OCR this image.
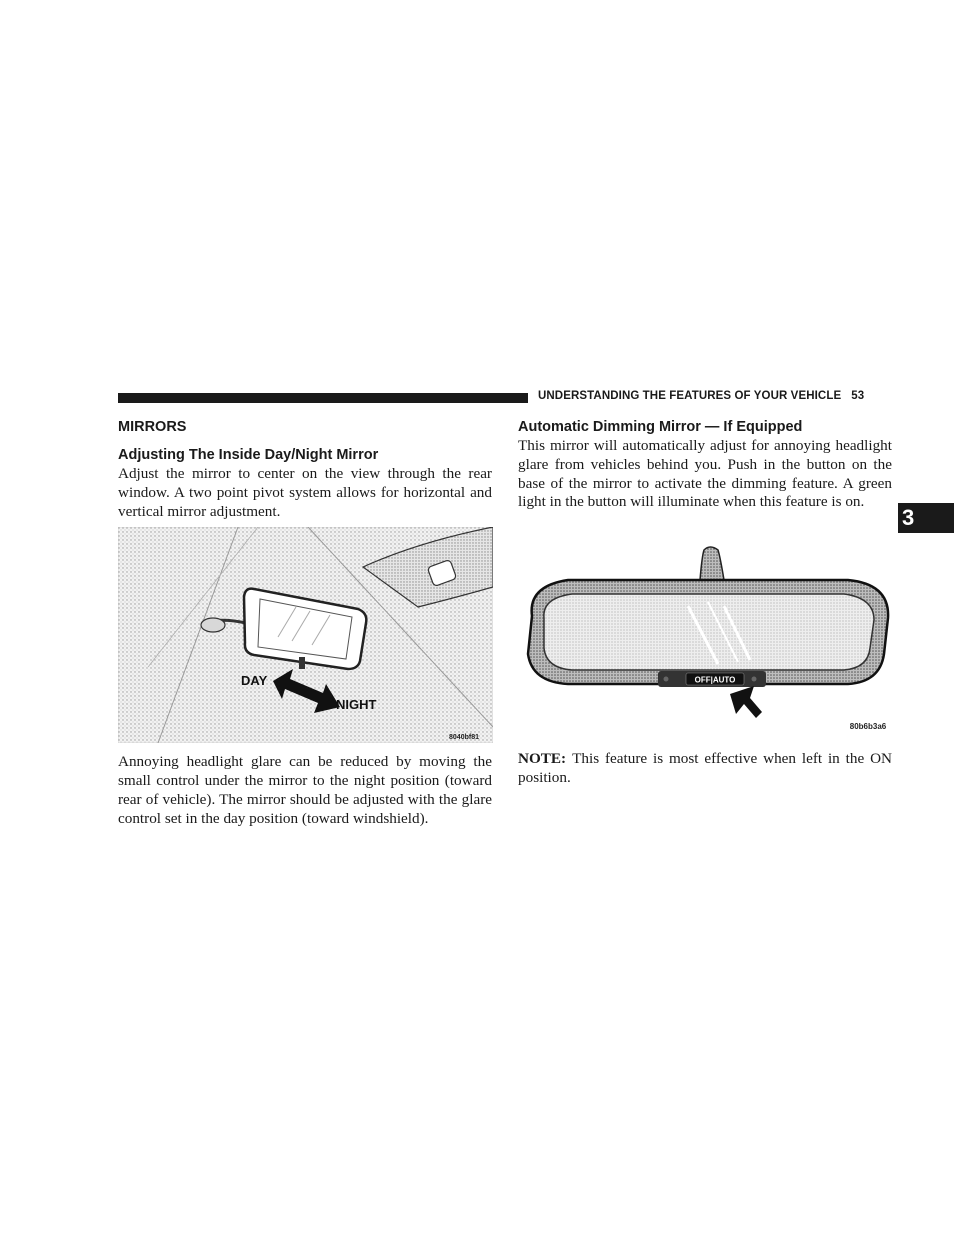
UNDERSTANDING THE FEATURES OF YOUR VEHICLE 53
3
MIRRORS
Adjusting The Inside Day/Night Mirror

Adjust the mirror to center on the view through the rear window. A two point pivot system allows for horizontal and vertical mirror adjustment.

DAY
NIGHT
8040bf81

Annoying headlight glare can be reduced by moving the small control under the mirror to the night position (toward rear of vehicle). The mirror should be adjusted with the glare control set in the day position (toward windshield).

Automatic Dimming Mirror — If Equipped

This mirror will automatically adjust for annoying headlight glare from vehicles behind you. Push in the button on the base of the mirror to activate the dimming feature. A green light in the button will illuminate when this feature is on.

OFF|AUTO
80b6b3a6

NOTE: This feature is most effective when left in the ON position.
